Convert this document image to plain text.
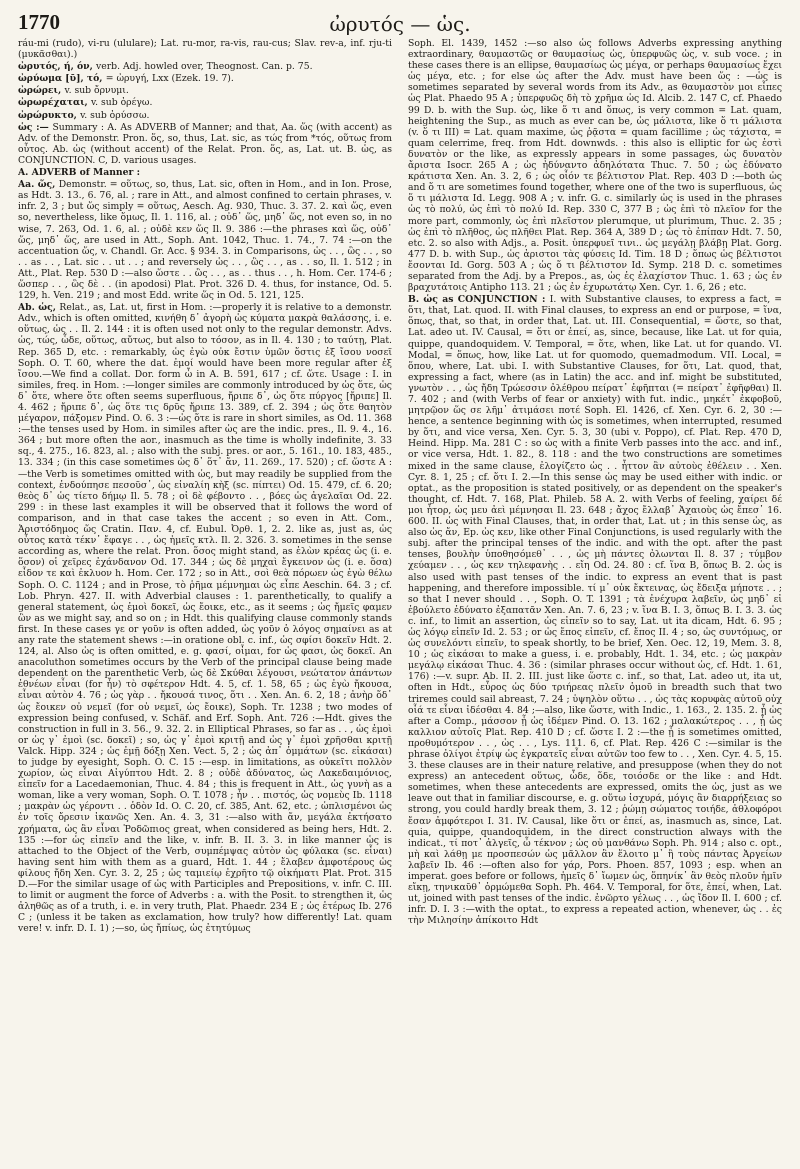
1770	ὠρυτός — ὡς.

ráu-mi (rudo), vi-ru (ululare); Lat. ru-mor, ra-vis, rau-cus; Slav. rev-a, inf. rju-ti (μυκᾶσθαι).)

ὠρυτός, ή, όν, verb. Adj. howled over, Theognost. Can. p. 75.

ὠρύωμα [ῡ], τό, = ὠρυγή, Lxx (Ezek. 19. 7).

ὠρώρει, v. sub ὄρνυμι.

ὠρωρέχαται, v. sub ὀρέγω.

ὠρώρυκτο, v. sub ὀρύσσω.

ὡς :— Summary : A. As ADVERB of Manner; and that, Aa. ὥς (with accent) as Adv. of the Demonstr. Pron. ὅς, so, thus, Lat. sic, as τώς from *τός, οὕτως from οὗτος. Ab. ὡς (without accent) of the Relat. Pron. ὅς, as, Lat. ut. B. ὡς, as CONJUNCTION. C, D. various usages.

A. ADVERB of Manner :

Aa. ὥς, Demonstr. = οὕτως, so, thus, Lat. sic, often in Hom., and in Ion. Prose, as Hdt. 3. 13., 6. 76, al. ; rare in Att., and almost confined to certain phrases, v. infr. 2, 3 ; but ὥς simply = οὕτως, Aesch. Ag. 930, Thuc. 3. 37. 2. καὶ ὥς, even so, nevertheless, like ὅμως, Il. 1. 116, al. ; οὐδ᾽ ὥς, μηδ᾽ ὥς, not even so, in no wise, 7. 263, Od. 1. 6, al. ; οὐδὲ κεν ὥς Il. 9. 386 :—the phrases καὶ ὥς, οὐδ᾽ ὥς, μηδ᾽ ὥς, are used in Att., Soph. Ant. 1042, Thuc. 1. 74., 7. 74 :—on the accentuation ὥς, v. Chandl. Gr. Acc. § 934. 3. in Comparisons, ὡς . . , ὣς . . , so . . as . . , Lat. sic . . ut . . ; and reversely ὡς . . , ὣς . . , as . . so, Il. 1. 512 ; in Att., Plat. Rep. 530 D :—also ὥστε . . ὣς . . , as . . thus . . , h. Hom. Cer. 174-6 ; ὥσπερ . . , ὣς δὲ . . (in apodosi) Plat. Prot. 326 D. 4. thus, for instance, Od. 5. 129, h. Ven. 219 ; and most Edd. write ὥς in Od. 5. 121, 125.

Ab. ὡς, Relat., as, Lat. ut, first in Hom. :—properly it is relative to a demonstr. Adv., which is often omitted, κινήθη δ᾽ ἀγορὴ ὡς κύματα μακρὰ θαλάσσης, i. e. οὕτως, ὡς . . Il. 2. 144 : it is often used not only to the regular demonstr. Advs. ὡς, τώς, ὧδε, οὕτως, αὔτως, but also to τόσον, as in Il. 4. 130 ; to ταύτῃ, Plat. Rep. 365 D, etc. : remarkably, ὡς ἐγὼ οὐκ ἔστιν ὑμῶν ὅστις ἐξ ἴσου νοσεῖ Soph. O. T. 60, where the dat. ἐμοί would have been more regular after ἐξ ἴσου.—We find a collat. Dor. form ὦ in A. B. 591, 617 ; cf. ὥτε. Usage : I. in similes, freq. in Hom. :—longer similes are commonly introduced by ὡς ὅτε, ὡς δ᾽ ὅτε, where ὅτε often seems superfluous, ἤριπε δ᾽, ὡς ὅτε πύργος [ἤριπε] Il. 4. 462 ; ἤριπε δ᾽, ὡς ὅτε τις δρῦς ἤριπε 13. 389, cf. 2. 394 ; ὡς ὅτε θαητὸν μέγαρον, πάξομεν Pind. O. 6. 3 :—ὡς ὅτε is rare in short similes, as Od. 11. 368 :—the tenses used by Hom. in similes after ὡς are the indic. pres., Il. 9. 4., 16. 364 ; but more often the aor., inasmuch as the time is wholly indefinite, 3. 33 sq., 4. 275., 16. 823, al. ; also with the subj. pres. or aor., 5. 161., 10. 183, 485., 13. 334 ; (in this case sometimes ὡς δ᾽ ὅτ᾽ ἄν, 11. 269., 17. 520) ; cf. ὥστε A :—the Verb is sometimes omitted with ὡς, but may readily be supplied from the context, ἐνδούπησε πεσοῦσ᾽, ὡς εἰναλίη κὴξ (sc. πίπτει) Od. 15. 479, cf. 6. 20; θεὸς δ᾽ ὡς τίετο δήμῳ Il. 5. 78 ; οἱ δὲ φέβοντο . . , βόες ὡς ἀγελαῖαι Od. 22. 299 : in these last examples it will be observed that it follows the word of comparison, and in that case takes the accent ; so even in Att. Com., Ἀριστόδημος ὥς Cratin. Παν. 4, cf. Eubul. Ὀρθ. 1, 2. 2. like as, just as, ὡς οὗτος κατὰ τέκν᾽ ἔφαγε . . , ὡς ἡμεῖς κτλ. Il. 2. 326. 3. sometimes in the sense according as, where the relat. Pron. ὅσος might stand, as ἑλὼν κρέας ὡς (i. e. ὅσον) οἱ χεῖρες ἐχάνδανον Od. 17. 344 ; ὡς δὲ μηχαὶ ἔγκεινον ὡς (i. e. ὅσα) εἶδον τε καὶ ἐκλυον h. Hom. Cer. 172 ; so in Att., σοὶ θεὰ πόρωεν ὡς ἐγὼ θέλω Soph. O. C. 1124 ; and in Prose, τὸ ῥῆμα μέμνημαι ὡς εἶπε Aeschin. 64. 3 ; cf. Lob. Phryn. 427. II. with Adverbial clauses : 1. parenthetically, to qualify a general statement, ὡς ἐμοὶ δοκεῖ, ὡς ἔοικε, etc., as it seems ; ὡς ἤμεῖς φαμεν ὣν as we might say, and so on ; in Hdt. this qualifying clause commonly stands first. In these cases γε or γοῦν is often added, ὡς γοῦν ὁ λόγος σημαίνει as at any rate the statement shews :—in oratione obl. c. inf., ὡς σφίσι δοκεῖν Hdt. 2. 124, al. Also ὡς is often omitted, e. g. φασί, οἶμαι, for ὡς φασι, ὡς δοκεῖ. An anacoluthon sometimes occurs by the Verb of the principal clause being made dependent on the parenthetic Verb, ὡς δὲ Σκύθαι λέγουσι, νεώτατον ἁπάντων ἐθνέων εἶναι (for ἦν) τὸ σφέτερον Hdt. 4. 5, cf. 1. 58, 65 ; ὡς ἐγὼ ἤκουσα, εἶναι αὐτὸν 4. 76 ; ὡς γὰρ . . ἤκουσά τινος, ὅτι . . Xen. An. 6. 2, 18 ; ἀνὴρ ὅδ᾽ ὡς ἔοικεν οὐ νεμεῖ (for οὐ νεμεῖ, ὡς ἔοικε), Soph. Tr. 1238 ; two modes of expression being confused, v. Schäf. and Erf. Soph. Ant. 726 :—Hdt. gives the construction in full in 3. 56., 9. 32. 2. in Elliptical Phrases, so far as . . , ὡς ἐμοὶ or ὡς γ᾽ ἐμοὶ (sc. δοκεῖ) ; so, ὡς γ᾽ ἐμοὶ κριτῇ and ὡς γ᾽ ἐμοὶ χρῆσθαι κριτῇ Valck. Hipp. 324 ; ὡς ἐμῇ δόξῃ Xen. Vect. 5, 2 ; ὡς ἀπ᾽ ὀμμάτων (sc. εἰκάσαι) to judge by eyesight, Soph. O. C. 15 :—esp. in limitations, as οὐκεῖτι πολλὸν χωρίον, ὡς εἶναι Αἰγύπτου Hdt. 2. 8 ; οὐδὲ ἀδύνατος, ὡς Λακεδαιμόνιος, εἰπεῖν for a Lacedaemonian, Thuc. 4. 84 ; this is frequent in Att., ὡς γυνὴ as a woman, like a very woman, Soph. O. T. 1078 ; ἦν . . πιστός, ὡς νομεὺς Ib. 1118 ; μακρὰν ὡς γέροντι . . ὁδὸν Id. O. C. 20, cf. 385, Ant. 62, etc. ; ὡπλισμένοι ὡς ἐν τοῖς ὄρεσιν ἱκανῶς Xen. An. 4. 3, 31 :—also with ἄν, μεγάλα ἐκτήσατο χρήματα, ὡς ἂν εἶναι Ῥοδῶπιος great, when considered as being hers, Hdt. 2. 135 :—for ὡς εἰπεῖν and the like, v. infr. B. II. 3. 3. in like manner ὡς is attached to the Object of the Verb, συμπέμψας αὐτὸν ὡς φύλακα (sc. εἶναι) having sent him with them as a guard, Hdt. 1. 44 ; ἔλαβεν ἀμφοτέρους ὡς φίλους ἤδη Xen. Cyr. 3. 2, 25 ; ὡς ταμιείῳ ἐχρῆτο τῷ οἰκήματι Plat. Prot. 315 D.—For the similar usage of ὡς with Participles and Prepositions, v. infr. C. III. to limit or augment the force of Adverbs : a. with the Posit. to strengthen it, ὡς ἀληθῶς as of a truth, i. e. in very truth, Plat. Phaedr. 234 E ; ὡς ἑτέρως Ib. 276 C ; (unless it be taken as exclamation, how truly? how differently! Lat. quam vere! v. infr. D. I. 1) ;—so, ὡς ἤπίως, ὡς ἐτητύμως

Soph. El. 1439, 1452 :—so also ὡς follows Adverbs expressing anything extraordinary, θαυμαστῶς or θαυμασίως ὡς, ὑπερφυῶς ὡς, v. sub voce. ; in these cases there is an ellipse, θαυμασίως ὡς μέγα, or perhaps θαυμασίως ἔχει ὡς μέγα, etc. ; for else ὡς after the Adv. must have been ὥς : —ὡς is sometimes separated by several words from its Adv., as θαυμαστὸν μοι εἶπες ὡς Plat. Phaedo 95 A ; ὑπερφυῶς δὴ τὸ χρῆμα ὡς Id. Alcib. 2. 147 C, cf. Phaedo 99 D. b. with the Sup. ὡς, like ὅ τι and ὅπως, is very common = Lat. quam, heightening the Sup., as much as ever can be, ὡς μάλιστα, like ὅ τι μάλιστα (v. ὅ τι III) = Lat. quam maxime, ὡς ῥᾷστα = quam facillime ; ὡς τάχιστα, = quam celerrime, freq. from Hdt. downwds. : this also is elliptic for ὡς ἐστὶ δυνατὸν or the like, as expressly appears in some passages, ὡς δυνατὸν ἄριστα Isocr. 265 A ; ὡς ἠδύναντο ἀδηλότατα Thuc. 7. 50 ; ὡς ἐδύνατο κράτιστα Xen. An. 3. 2, 6 ; ὡς οἷόν τε βέλτιστον Plat. Rep. 403 D :—both ὡς and ὅ τι are sometimes found together, where one of the two is superfluous, ὡς ὅ τι μάλιστα Id. Legg. 908 A ; v. infr. G. c. similarly ὡς is used in the phrases ὡς τὸ πολύ, ὡς ἐπὶ τὸ πολύ Id. Rep. 330 C, 377 B ; ὡς ἐπὶ τὸ πλεῖον for the more part, commonly, ὡς ἐπὶ πλεῖστον plerumque, ut plurimum, Thuc. 2. 35 ; ὡς ἐπὶ τὸ πλῆθος, ὡς πλῆθει Plat. Rep. 364 A, 389 D ; ὡς τὸ ἐπίπαν Hdt. 7. 50, etc. 2. so also with Adjs., a. Posit. ὑπερφυεῖ τινι.. ὡς μεγάλῃ βλάβῃ Plat. Gorg. 477 D. b. with Sup., ὡς ἀριστοι τὰς φύσεις Id. Tim. 18 D ; ὅπως ὡς βέλτιστοι ἔσονται Id. Gorg. 503 A ; ὡς ὅ τι βέλτιστον Id. Symp. 218 D. c. sometimes separated from the Adj. by a Prepos., as, ὡς ἐς ἐλαχίστον Thuc. 1. 63 ; ὡς ἐν βραχυτάτοις Antipho 113. 21 ; ὡς ἐν ἐχυρωτάτῳ Xen. Cyr. 1. 6, 26 ; etc.

B. ὡς as CONJUNCTION : I. with Substantive clauses, to express a fact, = ὅτι, that, Lat. quod. II. with Final clauses, to express an end or purpose, = ἵνα, ὅπως, that, so that, in order that, Lat. ut. III. Consequential, = ὥστε, so that, Lat. adeo ut. IV. Causal, = ὅτι or ἐπεί, as, since, because, like Lat. ut for quia, quippe, quandoquidem. V. Temporal, = ὅτε, when, like Lat. ut for quando. VI. Modal, = ὅπως, how, like Lat. ut for quomodo, quemadmodum. VII. Local, = ὅπου, where, Lat. ubi. I. with Substantive Clauses, for ὅτι, Lat. quod, that, expressing a fact, where (as in Latin) the acc. and inf. might be substituted, γνωτὸν . . , ὡς ἤδη Τρώεσσιν ὀλέθρου πείρατ᾽ ἐφῆπται (= πείρατ᾽ ἐφῆφθαι) Il. 7. 402 ; and (with Verbs of fear or anxiety) with fut. indic., μηκέτ᾽ ἐκφοβοῦ, μητρῷον ὥς σε λῆμ᾽ ἀτιμάσει ποτέ Soph. El. 1426, cf. Xen. Cyr. 6. 2, 30 :—hence, a sentence beginning with ὡς is sometimes, when interrupted, resumed by ὅτι, and vice versa, Xen. Cyr. 5. 3, 30 (ubi v. Poppo), cf. Plat. Rep. 470 D, Heind. Hipp. Ma. 281 C : so ὡς with a finite Verb passes into the acc. and inf., or vice versa, Hdt. 1. 82., 8. 118 : and the two constructions are sometimes mixed in the same clause, ἐλογίζετο ὡς . . ἧττον ἂν αὐτοὺς ἐθέλειν . . Xen. Cyr. 8. 1, 25 ; cf. ὅτι I. 2.—In this sense ὡς may be used either with indic. or optat., as the proposition is stated positively, or as dependent on the speaker's thought, cf. Hdt. 7. 168, Plat. Phileb. 58 A. 2. with Verbs of feeling, χαίρει δέ μοι ἦτορ, ὡς μευ ἀεὶ μέμνησαι Il. 23. 648 ; ἄχος ἔλλαβ᾽ Ἀχαιοὺς ὡς ἔπεσ᾽ 16. 600. II. ὡς with Final Clauses, that, in order that, Lat. ut ; in this sense ὡς, as also ὡς ἄν, Ep. ὡς κεν, like other Final Conjunctions, is used regularly with the subj. after the principal tenses of the indic. and with the opt. after the past tenses, βουλὴν ὑποθησόμεθ᾽ . . , ὡς μὴ πάντες ὀλωνται Il. 8. 37 ; τύμβον χεύαμεν . . , ὡς κεν τηλεφανὴς . . εἴη Od. 24. 80 : cf. ἵνα B, ὅπως B. 2. ὡς is also used with past tenses of the indic. to express an event that is past happening, and therefore impossible. τί μ᾽ οὐκ ἔκτεινας, ὡς ἔδειξα μήποτε . . ; so that I never should . . , Soph. O. T. 1391 ; τὰ ἐνέχυρα λαβεῖν, ὡς μηδ᾽ εἰ ἐβούλετο ἐδύνατο ἐξαπατᾶν Xen. An. 7. 6, 23 ; v. ἵνα B. I. 3, ὅπως B. I. 3. 3. ὡς c. inf., to limit an assertion, ὡς εἰπεῖν so to say, Lat. ut ita dicam, Hdt. 6. 95 ; ὡς λόγῳ εἰπεῖν Id. 2. 53 ; or ὡς ἔπος εἰπεῖν, cf. ἔπος II. 4 ; so, ὡς συντόμως, or ὡς συνελόντι εἰπεῖν, to speak shortly, to be brief, Xen. Oec. 12, 19, Mem. 3. 8, 10 ; ὡς εἰκάσαι to make a guess, i. e. probably, Hdt. 1. 34, etc. ; ὡς μακρὰν μεγάλῳ εἰκάσαι Thuc. 4. 36 : (similar phrases occur without ὡς, cf. Hdt. 1. 61, 176) :—v. supr. Ab. II. 2. III. just like ὥστε c. inf., so that, Lat. adeo ut, ita ut, often in Hdt., εὗρος ὡς δύο τριήρεας πλεῖν ὁμοῦ in breadth such that two triremes could sail abreast, 7. 24 ; ὑψηλὸν οὕτω . . , ὡς τὰς κορυφὰς αὐτοῦ οὐχ οἷά τε εἶναι ἰδέσθαι 4. 84 ;—also, like ὥστε, with Indic., 1. 163., 2. 135. 2. ᾗ ὡς after a Comp., μάσσον ᾗ ὡς ἰδέμεν Pind. O. 13. 162 ; μαλακώτερος . . , ᾗ ὡς καλλιον αὐτοῖς Plat. Rep. 410 D ; cf. ὥστε I. 2 :—the ᾗ is sometimes omitted, προθυμότερον . . , ὡς . . , Lys. 111. 6, cf. Plat. Rep. 426 C :—similar is the phrase ὀλίγοι ἐτρίψ ὡς ἐγκρατεῖς εἶναι αὐτῶν too few to . . , Xen. Cyr. 4. 5, 15. 3. these clauses are in their nature relative, and presuppose (when they do not express) an antecedent οὕτως, ὧδε, ὅδε, τοιόσδε or the like : and Hdt. sometimes, when these antecedents are expressed, omits the ὡς, just as we leave out that in familiar discourse, e. g. οὕτω ἰσχυρά, μόγις ἂν διαρρήξειας so strong, you could hardly break them, 3. 12 ; ῥώμῃ σώματος τοιήδε, ἀθλοφόροι ἔσαν ἀμφότεροι I. 31. IV. Causal, like ὅτι or ἐπεί, as, inasmuch as, since, Lat. quia, quippe, quandoquidem, in the direct construction always with the indicat., τί ποτ᾽ ἀλγεῖς, ὦ τέκνον ; ὡς οὐ μανθάνω Soph. Ph. 914 ; also c. opt., μὴ καὶ λάθῃ με προσπεσών ὡς μᾶλλον ἂν ἕλοιτο μ᾽ ἢ τοὺς πάντας Ἀργείων λαβεῖν Ib. 46 :—often also for γάρ, Pors. Phoen. 857, 1093 ; esp. when an imperat. goes before or follows, ἡμεῖς δ᾽ ἴωμεν ὡς, ὅπηνίκ᾽ ἂν θεὸς πλοῦν ἡμῖν εἴκῃ, τηνικαῦθ᾽ ὁρμώμεθα Soph. Ph. 464. V. Temporal, for ὅτε, ἐπεί, when, Lat. ut, joined with past tenses of the indic. ἐνῶρτο γέλως . . , ὡς ἴδον Il. I. 600 ; cf. infr. D. I. 3 :—with the optat., to express a repeated action, whenever, ὡς . . ἐς τὴν Μιλησίην ἀπίκοιτο Hdt
